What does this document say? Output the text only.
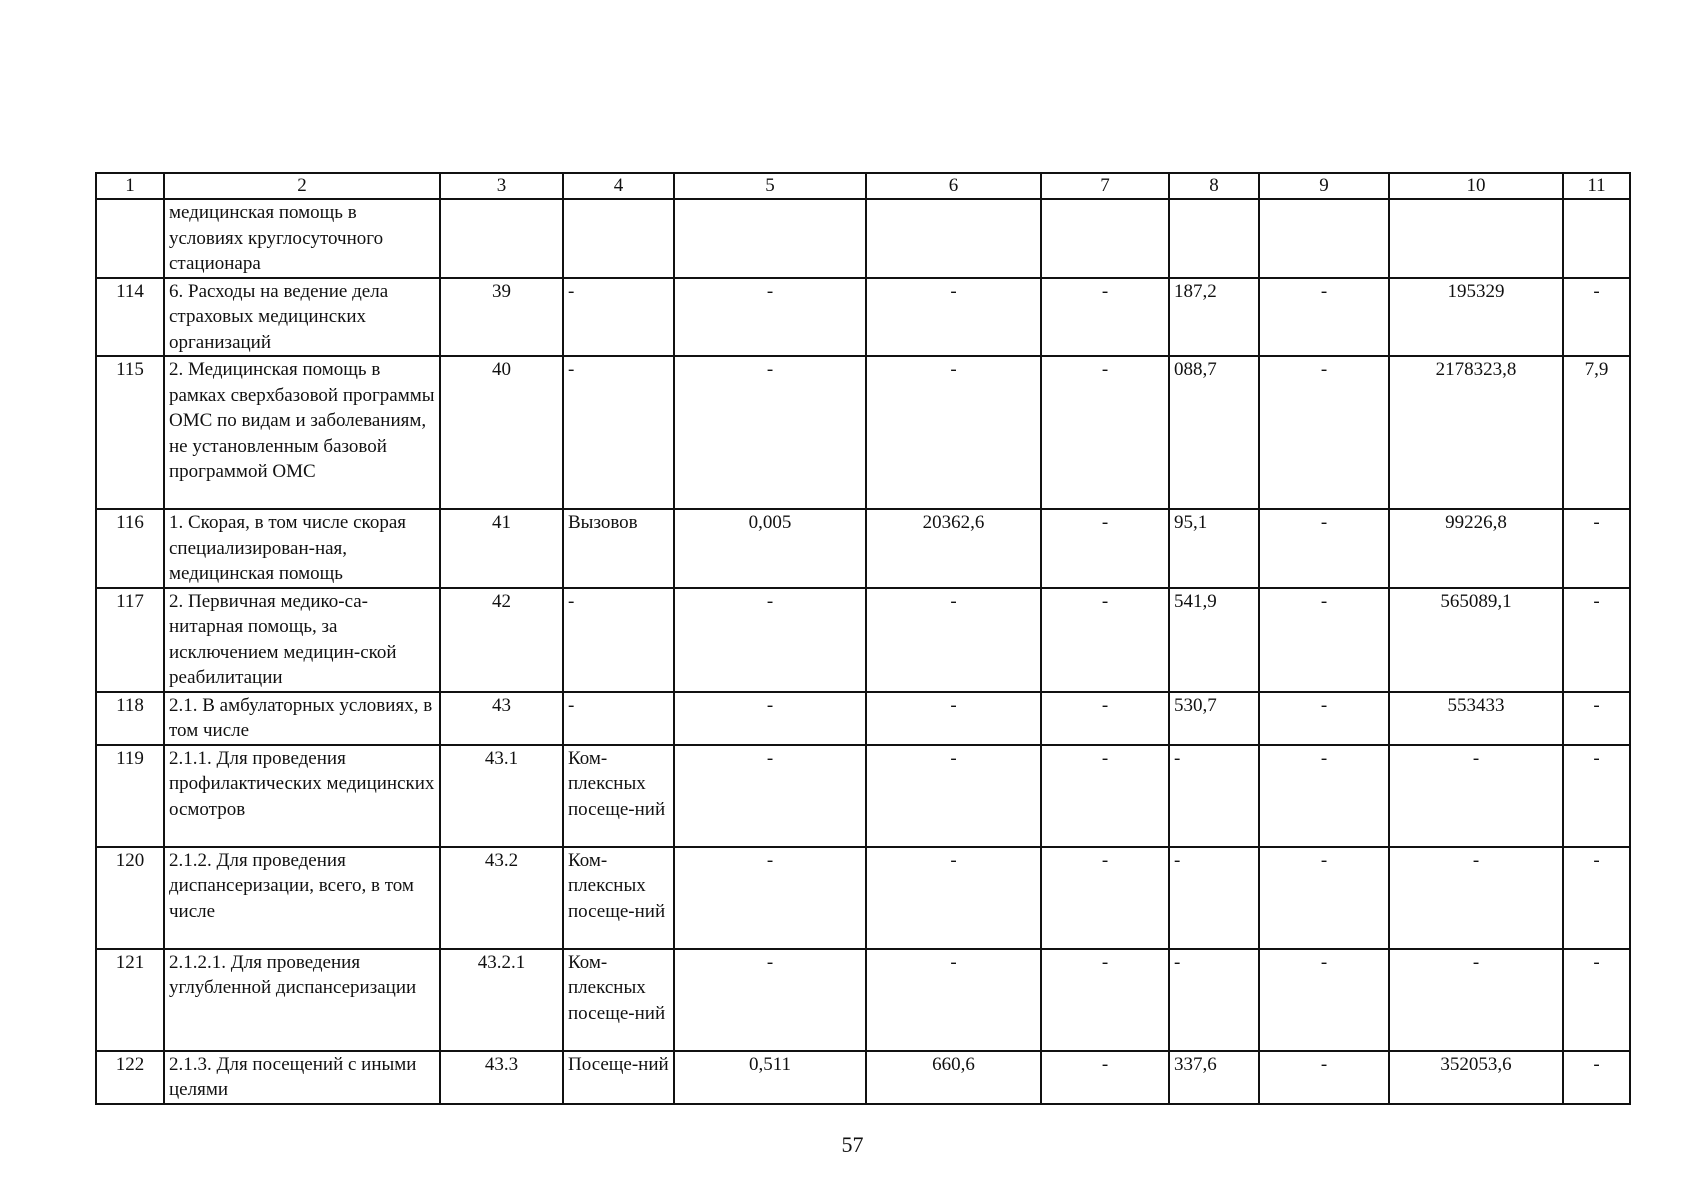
1	2	3	4	5	6	7	8	9	10	11
	медицинская помощь в условиях круглосуточного стационара									
114	6. Расходы на ведение дела страховых медицинских организаций	39	-	-	-	-	187,2	-	195329	-
115	2. Медицинская помощь в рамках сверхбазовой программы ОМС по видам и заболеваниям, не установленным базовой программой ОМС	40	-	-	-	-	088,7	-	2178323,8	7,9
116	1. Скорая, в том числе скорая специализирован-ная, медицинская помощь	41	Вызовов	0,005	20362,6	-	95,1	-	99226,8	-
117	2. Первичная медико-са-нитарная помощь, за исключением медицин-ской реабилитации	42	-	-	-	-	541,9	-	565089,1	-
118	2.1. В амбулаторных условиях, в том числе	43	-	-	-	-	530,7	-	553433	-
119	2.1.1. Для проведения профилактических медицинских осмотров	43.1	Ком-плексных посеще-ний	-	-	-	-	-	-	-
120	2.1.2. Для проведения диспансеризации, всего, в том числе	43.2	Ком-плексных посеще-ний	-	-	-	-	-	-	-
121	2.1.2.1. Для проведения углубленной диспансеризации	43.2.1	Ком-плексных посеще-ний	-	-	-	-	-	-	-
122	2.1.3. Для посещений с иными целями	43.3	Посеще-ний	0,511	660,6	-	337,6	-	352053,6	-
57
